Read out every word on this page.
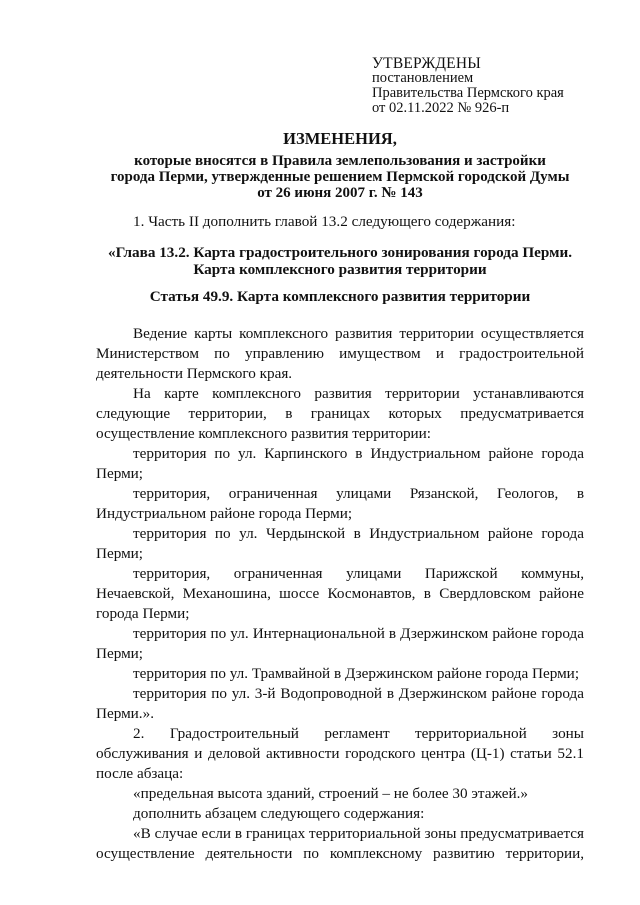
УТВЕРЖДЕНЫ
постановлением
Правительства Пермского края
от 02.11.2022 № 926-п
ИЗМЕНЕНИЯ,
которые вносятся в Правила землепользования и застройки
города Перми, утвержденные решением Пермской городской Думы
от 26 июня 2007 г. № 143

1. Часть II дополнить главой 13.2 следующего содержания:

«Глава 13.2. Карта градостроительного зонирования города Перми.
Карта комплексного развития территории
Статья 49.9. Карта комплексного развития территории

Ведение карты комплексного развития территории осуществляется Министерством по управлению имуществом и градостроительной деятельности Пермского края.

На карте комплексного развития территории устанавливаются следующие территории, в границах которых предусматривается осуществление комплексного развития территории:

территория по ул. Карпинского в Индустриальном районе города Перми;

территория, ограниченная улицами Рязанской, Геологов, в Индустриальном районе города Перми;

территория по ул. Чердынской в Индустриальном районе города Перми;

территория, ограниченная улицами Парижской коммуны, Нечаевской, Механошина, шоссе Космонавтов, в Свердловском районе города Перми;

территория по ул. Интернациональной в Дзержинском районе города Перми;

территория по ул. Трамвайной в Дзержинском районе города Перми;

территория по ул. 3-й Водопроводной в Дзержинском районе города Перми.».

2. Градостроительный регламент территориальной зоны обслуживания и деловой активности городского центра (Ц-1) статьи 52.1 после абзаца:

«предельная высота зданий, строений – не более 30 этажей.»

дополнить абзацем следующего содержания:

«В случае если в границах территориальной зоны предусматривается осуществление деятельности по комплексному развитию территории,
